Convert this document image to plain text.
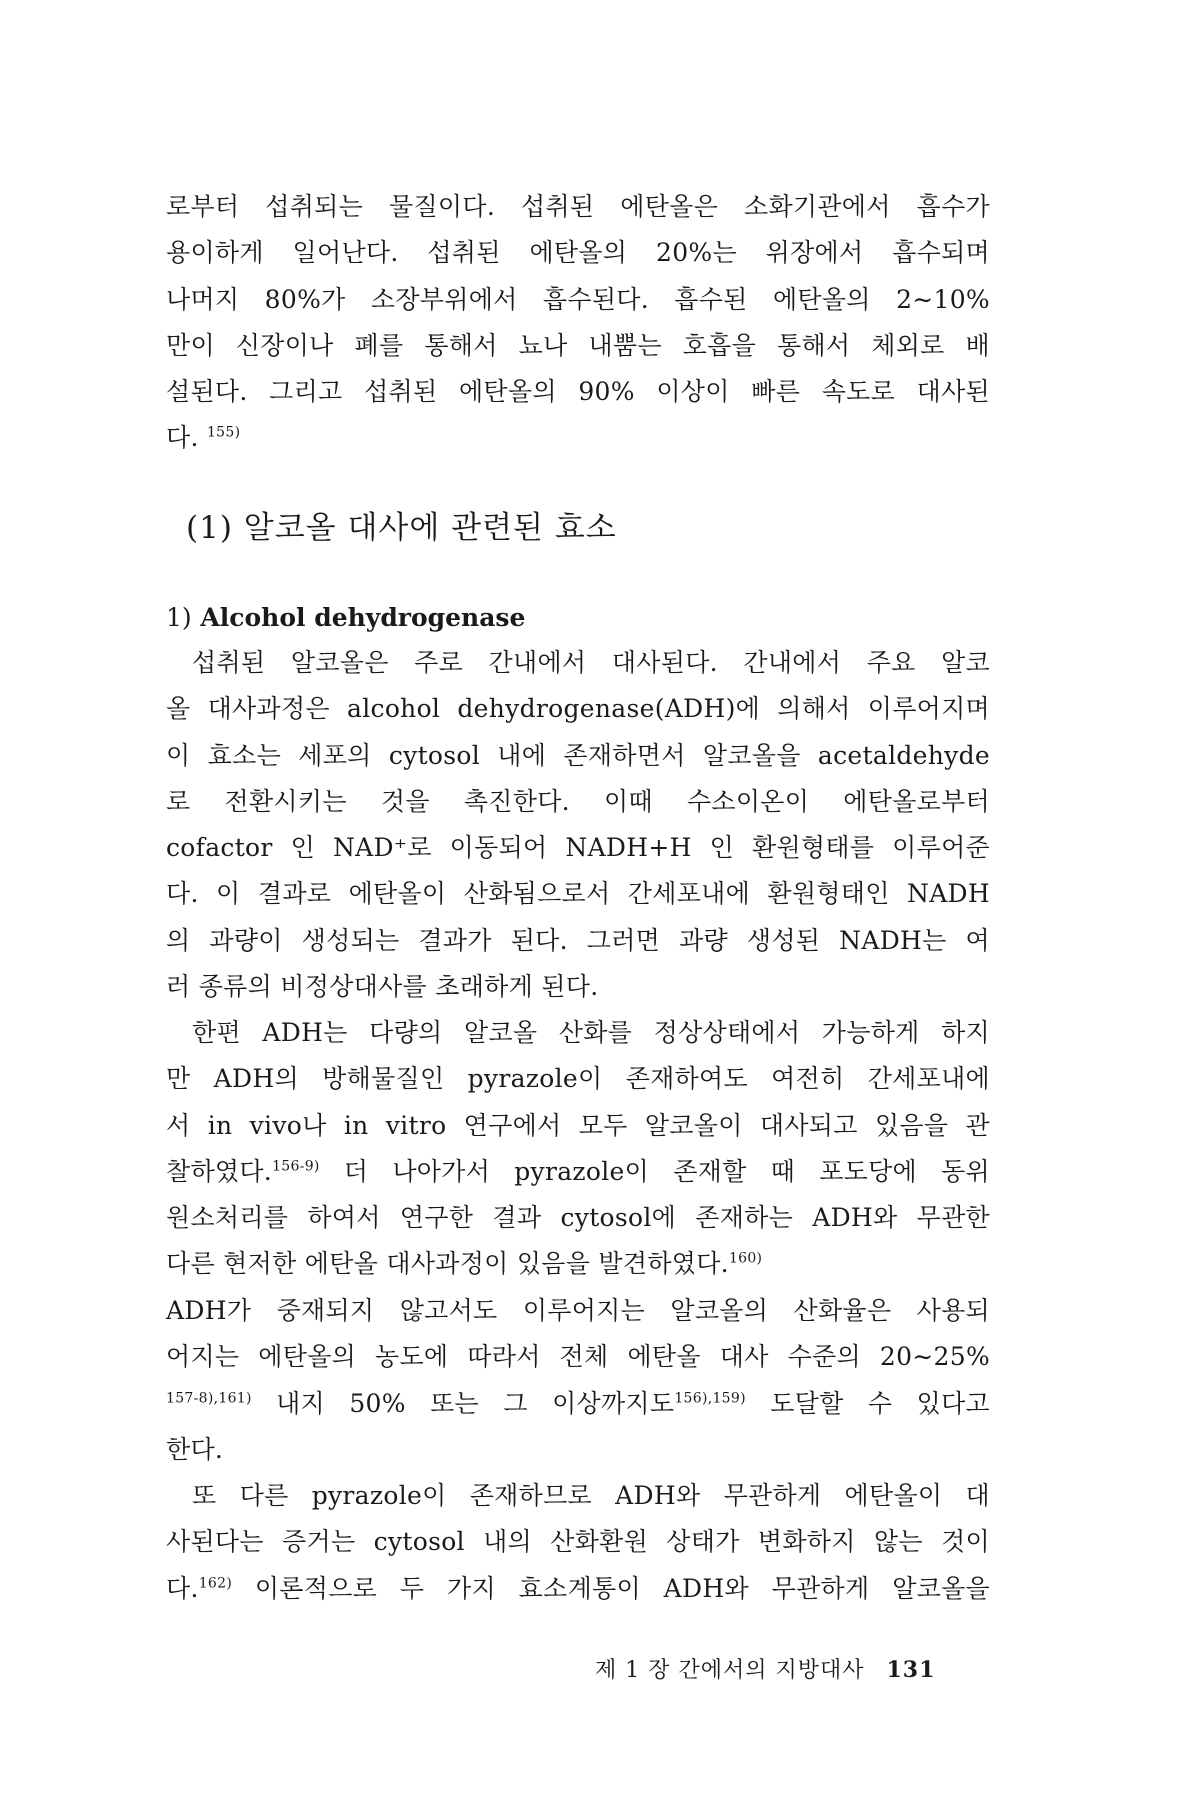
로부터 섭취되는 물질이다. 섭취된 에탄올은 소화기관에서 흡수가
용이하게 일어난다. 섭취된 에탄올의 20%는 위장에서 흡수되며
나머지 80%가 소장부위에서 흡수된다. 흡수된 에탄올의 2∼10%
만이 신장이나 폐를 통해서 뇨나 내뿜는 호흡을 통해서 체외로 배
설된다. 그리고 섭취된 에탄올의 90% 이상이 빠른 속도로 대사된
다. $^{155)}$
(1) 알코올 대사에 관련된 효소
1) Alcohol dehydrogenase
섭취된 알코올은 주로 간내에서 대사된다. 간내에서 주요 알코
올 대사과정은 alcohol dehydrogenase(ADH)에 의해서 이루어지며
이 효소는 세포의 cytosol 내에 존재하면서 알코올을 acetaldehyde
로 전환시키는 것을 촉진한다. 이때 수소이온이 에탄올로부터
cofactor 인 NAD⁺로 이동되어 NADH+H 인 환원형태를 이루어준
다. 이 결과로 에탄올이 산화됨으로서 간세포내에 환원형태인 NADH
의 과량이 생성되는 결과가 된다. 그러면 과량 생성된 NADH는 여
러 종류의 비정상대사를 초래하게 된다.
한편 ADH는 다량의 알코올 산화를 정상상태에서 가능하게 하지
만 ADH의 방해물질인 pyrazole이 존재하여도 여전히 간세포내에
서 in vivo나 in vitro 연구에서 모두 알코올이 대사되고 있음을 관
찰하였다.$^{156-9)}$ 더 나아가서 pyrazole이 존재할 때 포도당에 동위
원소처리를 하여서 연구한 결과 cytosol에 존재하는 ADH와 무관한
다른 현저한 에탄올 대사과정이 있음을 발견하였다.$^{160)}$
ADH가 중재되지 않고서도 이루어지는 알코올의 산화율은 사용되
어지는 에탄올의 농도에 따라서 전체 에탄올 대사 수준의 20∼25%
$^{157-8),161)}$ 내지 50% 또는 그 이상까지도$^{156),159)}$ 도달할 수 있다고
한다.
또 다른 pyrazole이 존재하므로 ADH와 무관하게 에탄올이 대
사된다는 증거는 cytosol 내의 산화환원 상태가 변화하지 않는 것이
다.$^{162)}$ 이론적으로 두 가지 효소계통이 ADH와 무관하게 알코올을
제 1 장 간에서의 지방대사 131
